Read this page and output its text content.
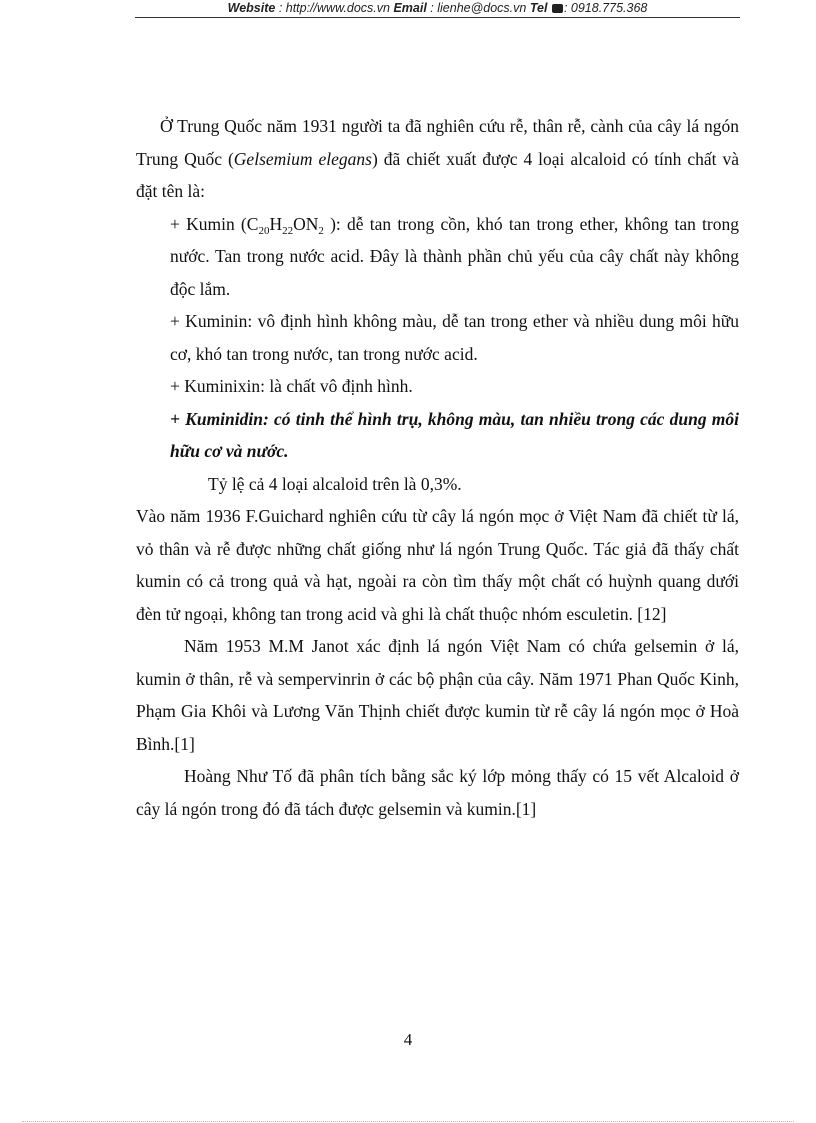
Website : http://www.docs.vn Email : lienhe@docs.vn Tel : 0918.775.368

Ở Trung Quốc năm 1931 người ta đã nghiên cứu rễ, thân rễ, cành của cây lá ngón Trung Quốc (Gelsemium elegans) đã chiết xuất được 4 loại alcaloid có tính chất và đặt tên là:

+ Kumin ($C_{20}H_{22}ON_2$ ): dễ tan trong cồn, khó tan trong ether, không tan trong nước. Tan trong nước acid. Đây là thành phần chủ yếu của cây chất này không độc lắm.

+ Kuminin: vô định hình không màu, dễ tan trong ether và nhiều dung môi hữu cơ, khó tan trong nước, tan trong nước acid.

+ Kuminixin: là chất vô định hình.

+ Kuminidin: có tinh thể hình trụ, không màu, tan nhiều trong các dung môi hữu cơ và nước.

Tỷ lệ cả 4 loại alcaloid trên là 0,3%.

Vào năm 1936 F.Guichard nghiên cứu từ cây lá ngón mọc ở Việt Nam đã chiết từ lá, vỏ thân và rễ được những chất giống như lá ngón Trung Quốc. Tác giả đã thấy chất kumin có cả trong quả và hạt, ngoài ra còn tìm thấy một chất có huỳnh quang dưới đèn tử ngoại, không tan trong acid và ghi là chất thuộc nhóm esculetin. [12]

Năm 1953 M.M Janot xác định lá ngón Việt Nam có chứa gelsemin ở lá, kumin ở thân, rễ và sempervinrin ở các bộ phận của cây. Năm 1971 Phan Quốc Kinh, Phạm Gia Khôi và Lương Văn Thịnh chiết được kumin từ rễ cây lá ngón mọc ở Hoà Bình.[1]

Hoàng Như Tố đã phân tích bằng sắc ký lớp mỏng thấy có 15 vết Alcaloid ở cây lá ngón trong đó đã tách được gelsemin và kumin.[1]

4
